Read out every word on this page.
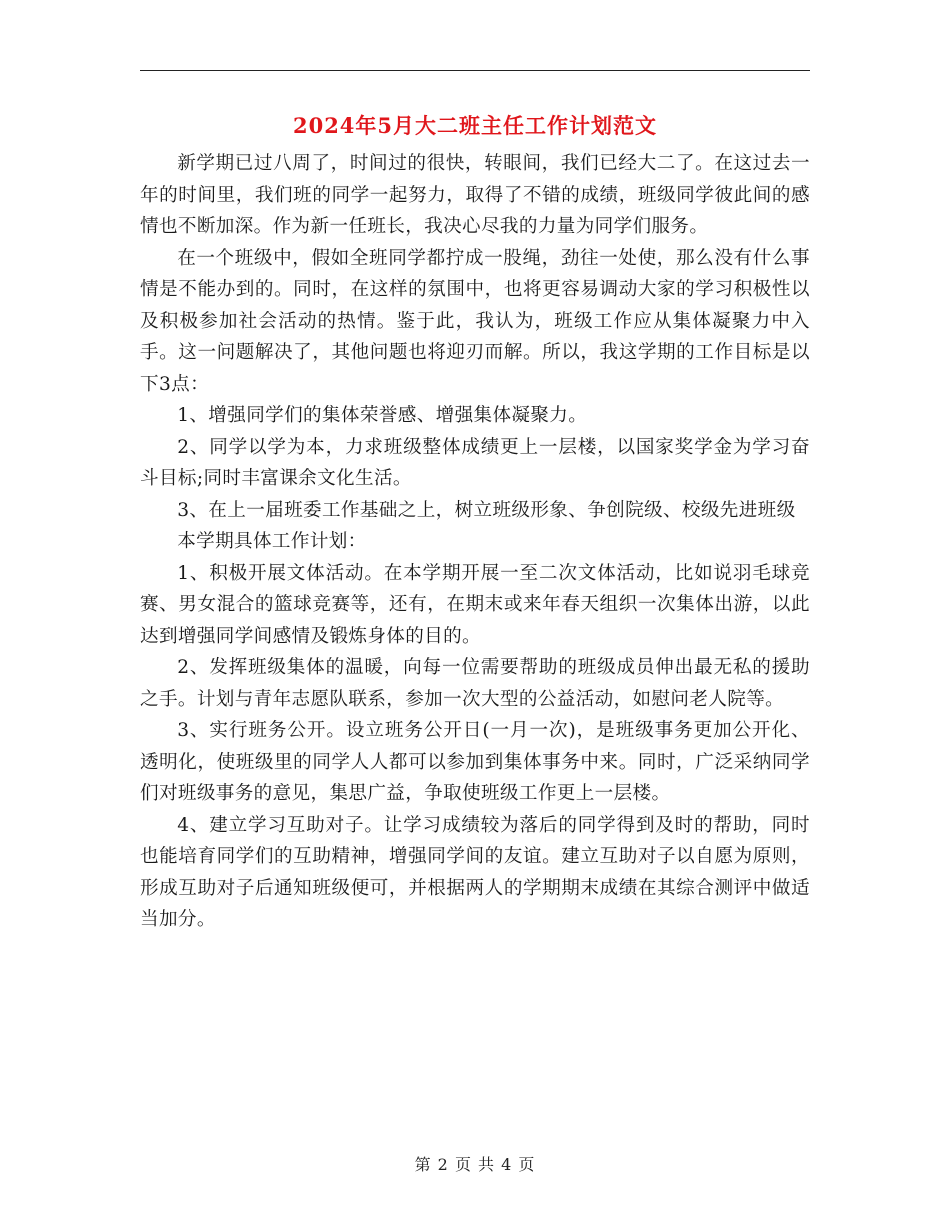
2024年5月大二班主任工作计划范文

新学期已过八周了，时间过的很快，转眼间，我们已经大二了。在这过去一年的时间里，我们班的同学一起努力，取得了不错的成绩，班级同学彼此间的感情也不断加深。作为新一任班长，我决心尽我的力量为同学们服务。

在一个班级中，假如全班同学都拧成一股绳，劲往一处使，那么没有什么事情是不能办到的。同时，在这样的氛围中，也将更容易调动大家的学习积极性以及积极参加社会活动的热情。鉴于此，我认为，班级工作应从集体凝聚力中入手。这一问题解决了，其他问题也将迎刃而解。所以，我这学期的工作目标是以下3点：

1、增强同学们的集体荣誉感、增强集体凝聚力。

2、同学以学为本，力求班级整体成绩更上一层楼，以国家奖学金为学习奋斗目标;同时丰富课余文化生活。

3、在上一届班委工作基础之上，树立班级形象、争创院级、校级先进班级

本学期具体工作计划：

1、积极开展文体活动。在本学期开展一至二次文体活动，比如说羽毛球竞赛、男女混合的篮球竞赛等，还有，在期末或来年春天组织一次集体出游，以此达到增强同学间感情及锻炼身体的目的。

2、发挥班级集体的温暖，向每一位需要帮助的班级成员伸出最无私的援助之手。计划与青年志愿队联系，参加一次大型的公益活动，如慰问老人院等。

3、实行班务公开。设立班务公开日(一月一次)，是班级事务更加公开化、透明化，使班级里的同学人人都可以参加到集体事务中来。同时，广泛采纳同学们对班级事务的意见，集思广益，争取使班级工作更上一层楼。

4、建立学习互助对子。让学习成绩较为落后的同学得到及时的帮助，同时也能培育同学们的互助精神，增强同学间的友谊。建立互助对子以自愿为原则，形成互助对子后通知班级便可，并根据两人的学期期末成绩在其综合测评中做适当加分。

第 2 页 共 4 页
